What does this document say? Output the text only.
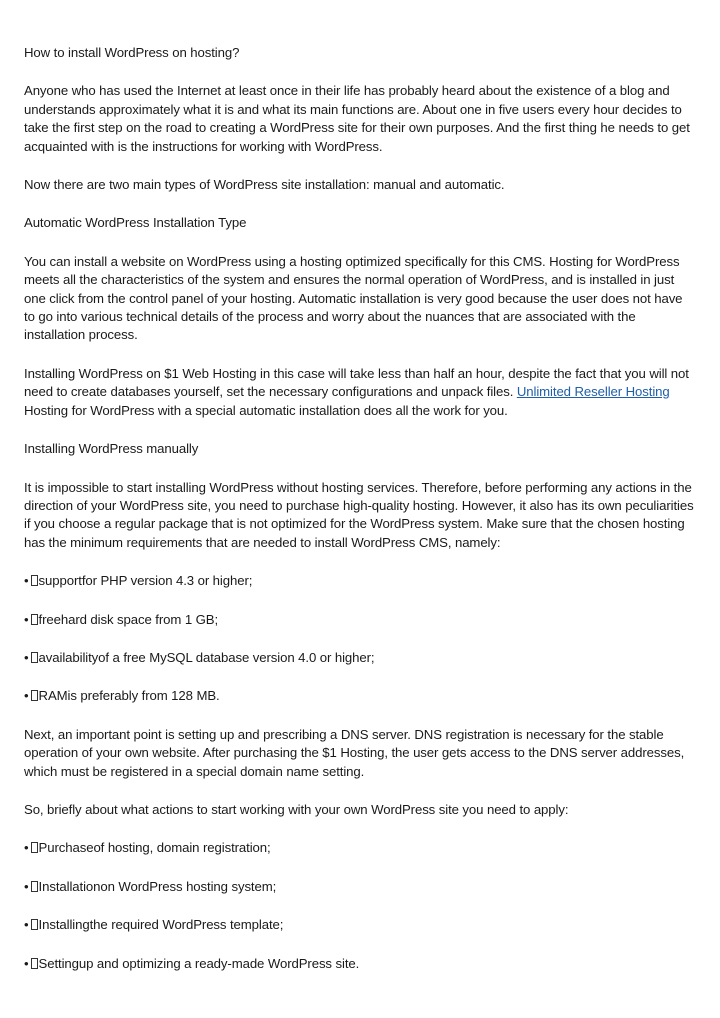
How to install WordPress on hosting?

Anyone who has used the Internet at least once in their life has probably heard about the existence of a blog and understands approximately what it is and what its main functions are. About one in five users every hour decides to take the first step on the road to creating a WordPress site for their own purposes. And the first thing he needs to get acquainted with is the instructions for working with WordPress.

Now there are two main types of WordPress site installation: manual and automatic.

Automatic WordPress Installation Type

You can install a website on WordPress using a hosting optimized specifically for this CMS. Hosting for WordPress meets all the characteristics of the system and ensures the normal operation of WordPress, and is installed in just one click from the control panel of your hosting. Automatic installation is very good because the user does not have to go into various technical details of the process and worry about the nuances that are associated with the installation process.

Installing WordPress on $1 Web Hosting in this case will take less than half an hour, despite the fact that you will not need to create databases yourself, set the necessary configurations and unpack files. Unlimited Reseller Hosting Hosting for WordPress with a special automatic installation does all the work for you.

Installing WordPress manually

It is impossible to start installing WordPress without hosting services. Therefore, before performing any actions in the direction of your WordPress site, you need to purchase high-quality hosting. However, it also has its own peculiarities if you choose a regular package that is not optimized for the WordPress system. Make sure that the chosen hosting has the minimum requirements that are needed to install WordPress CMS, namely:

• supportfor PHP version 4.3 or higher;

• freehard disk space from 1 GB;

• availabilityof a free MySQL database version 4.0 or higher;

• RAMis preferably from 128 MB.

Next, an important point is setting up and prescribing a DNS server. DNS registration is necessary for the stable operation of your own website. After purchasing the $1 Hosting, the user gets access to the DNS server addresses, which must be registered in a special domain name setting.

So, briefly about what actions to start working with your own WordPress site you need to apply:

• Purchaseof hosting, domain registration;

• Installationon WordPress hosting system;

• Installingthe required WordPress template;

• Settingup and optimizing a ready-made WordPress site.
